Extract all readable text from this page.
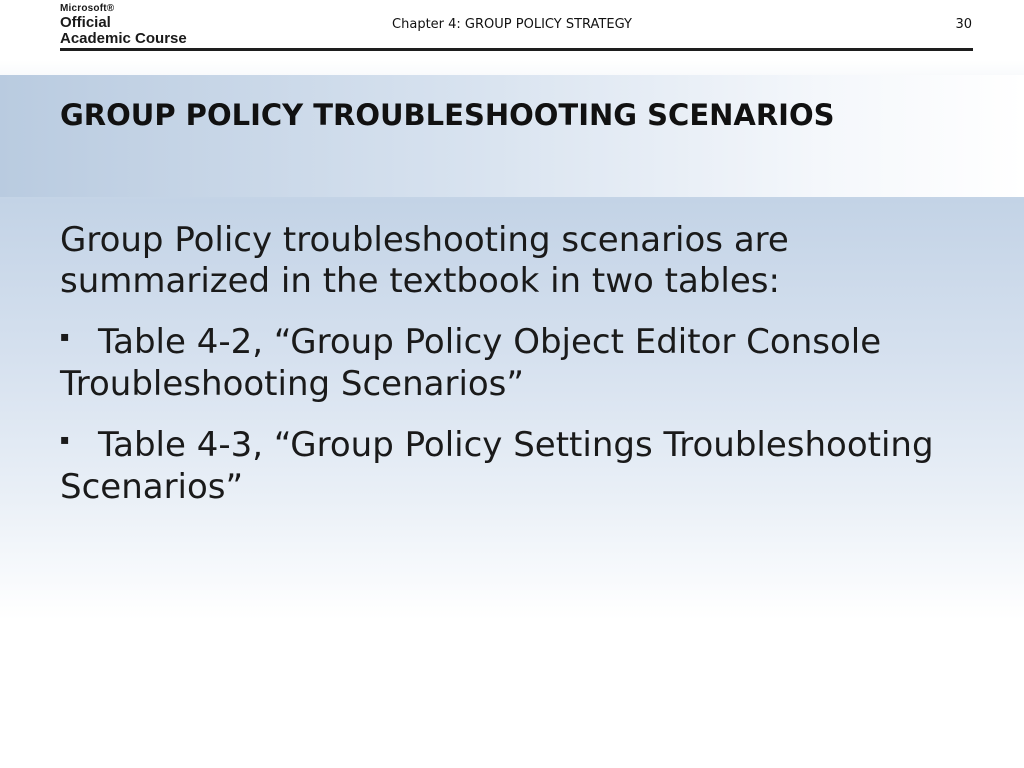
Microsoft®
Official
Academic Course
Chapter 4: GROUP POLICY STRATEGY	30
GROUP POLICY TROUBLESHOOTING SCENARIOS

Group Policy troubleshooting scenarios are summarized in the textbook in two tables:

▪ Table 4-2, “Group Policy Object Editor Console Troubleshooting Scenarios”

▪ Table 4-3, “Group Policy Settings Troubleshooting Scenarios”
